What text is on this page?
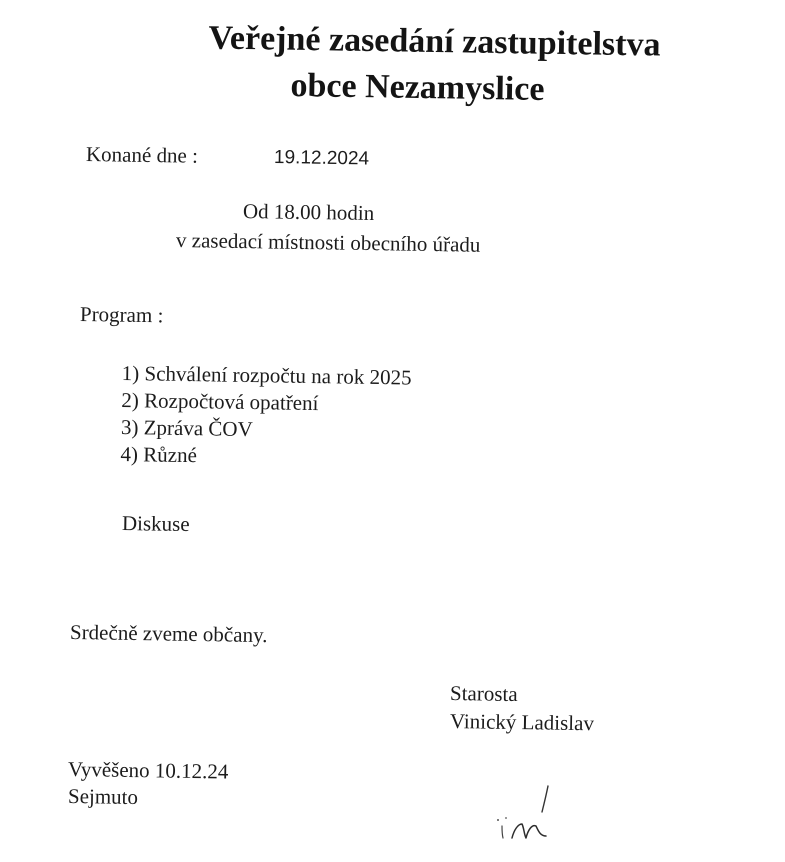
Veřejné zasedání zastupitelstva
obce Nezamyslice
Konané dne :	19.12.2024
Od 18.00 hodin
v zasedací místnosti obecního úřadu
Program :
1) Schválení rozpočtu na rok 2025
2) Rozpočtová opatření
3) Zpráva ČOV
4) Různé
Diskuse
Srdečně zveme občany.
Starosta
Vinický Ladislav
Vyvěšeno 10.12.24
Sejmuto
